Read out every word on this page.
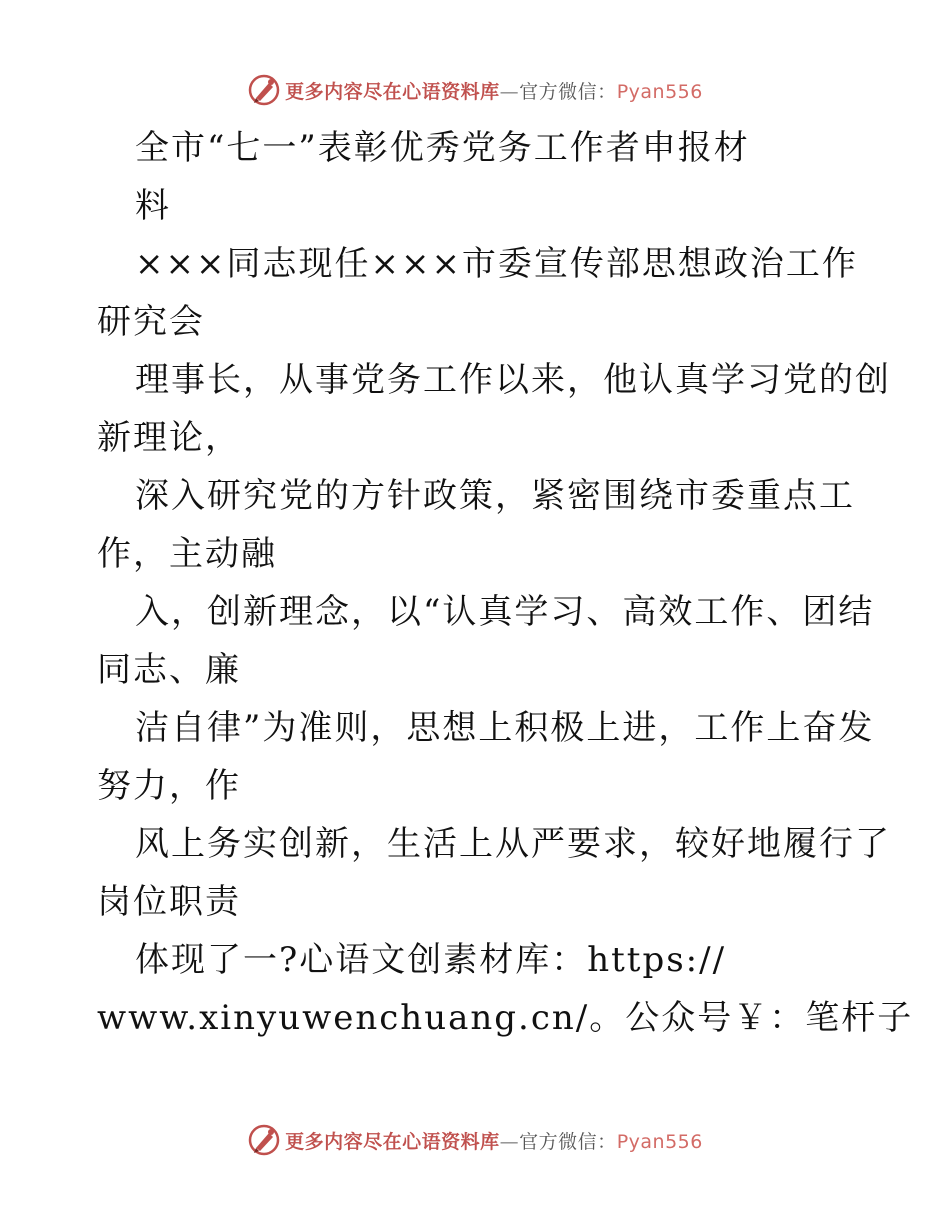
更多内容尽在心语资料库—官方微信：Pyan556
全市“七一”表彰优秀党务工作者申报材
料
×××同志现任×××市委宣传部思想政治工作
研究会
理事长，从事党务工作以来，他认真学习党的创
新理论，
深入研究党的方针政策，紧密围绕市委重点工
作，主动融
入，创新理念，以“认真学习、高效工作、团结
同志、廉
洁自律”为准则，思想上积极上进，工作上奋发
努力，作
风上务实创新，生活上从严要求，较好地履行了
岗位职责
体现了一?心语文创素材库：https://
www.xinyuwenchuang.cn/。公众号￥：笔杆子
更多内容尽在心语资料库—官方微信：Pyan556
